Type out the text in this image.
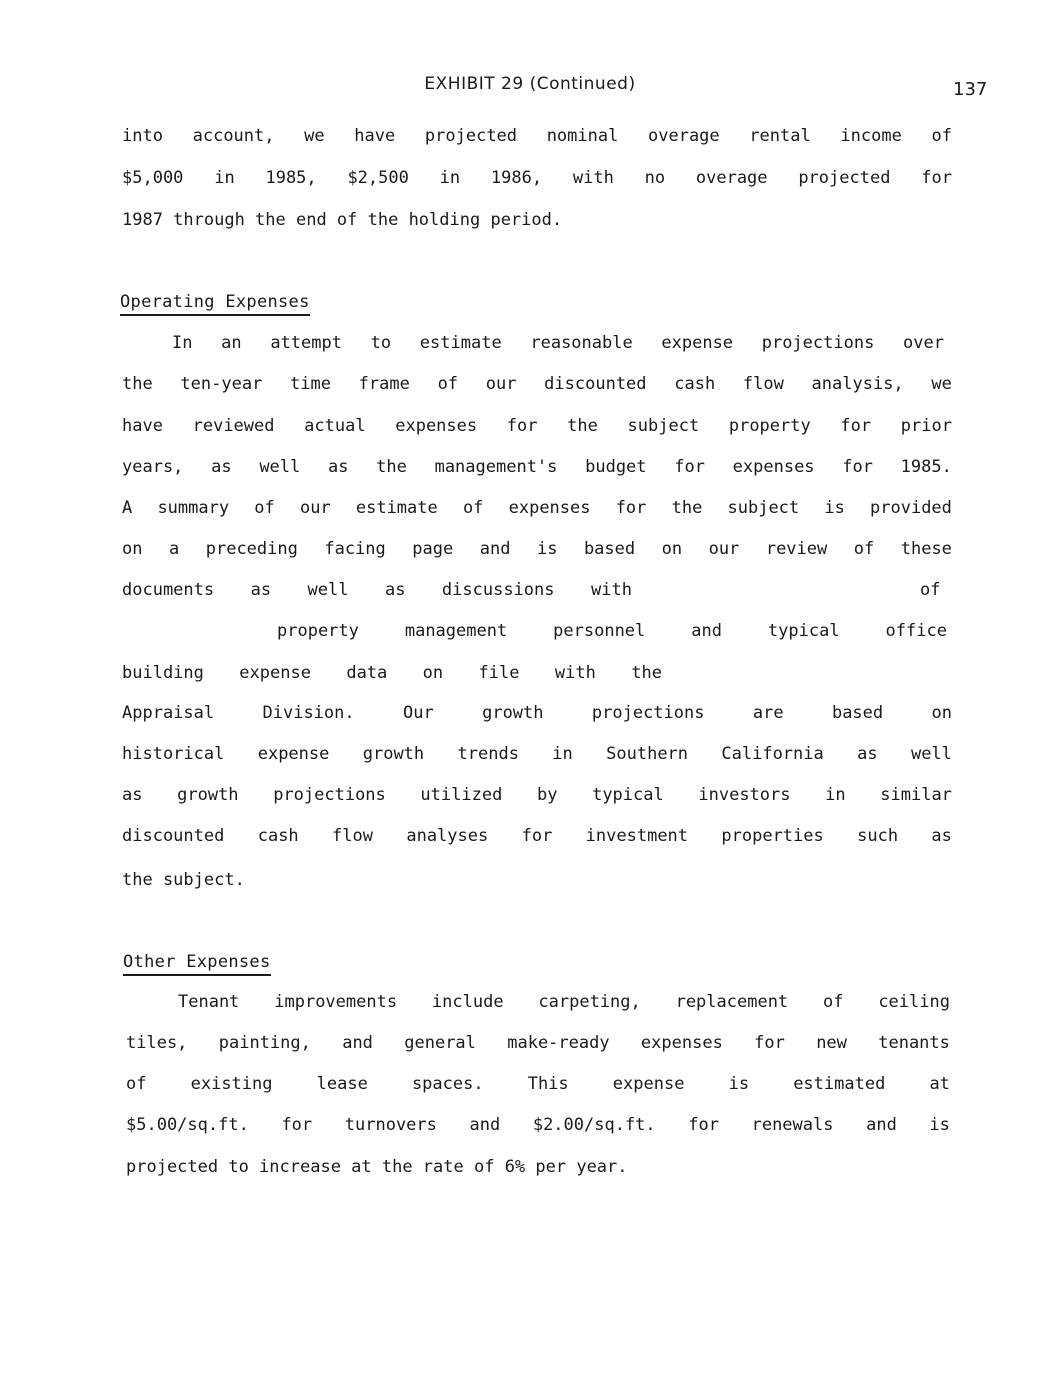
EXHIBIT 29 (Continued)	137
into account, we have projected nominal overage rental income of
$5,000 in 1985, $2,500 in 1986, with no overage projected for
1987 through the end of the holding period.
Operating Expenses
In an attempt to estimate reasonable expense projections over
the ten-year time frame of our discounted cash flow analysis, we
have reviewed actual expenses for the subject property for prior
years, as well as the management's budget for expenses for 1985.
A summary of our estimate of expenses for the subject is provided
on a preceding facing page and is based on our review of these
documents as well as discussions with	of
property	management	personnel	and	typical	office
building expense data on file with the
Appraisal	Division.	Our	growth	projections	are	based	on
historical expense growth trends in Southern California as well
as growth projections utilized by typical investors in similar
discounted cash flow analyses for investment properties such as
the subject.
Other Expenses
Tenant improvements include carpeting, replacement of ceiling
tiles, painting, and general make-ready expenses for new tenants
of	existing	lease	spaces.	This	expense	is	estimated	at
$5.00/sq.ft. for turnovers and $2.00/sq.ft. for renewals and is
projected to increase at the rate of 6% per year.
